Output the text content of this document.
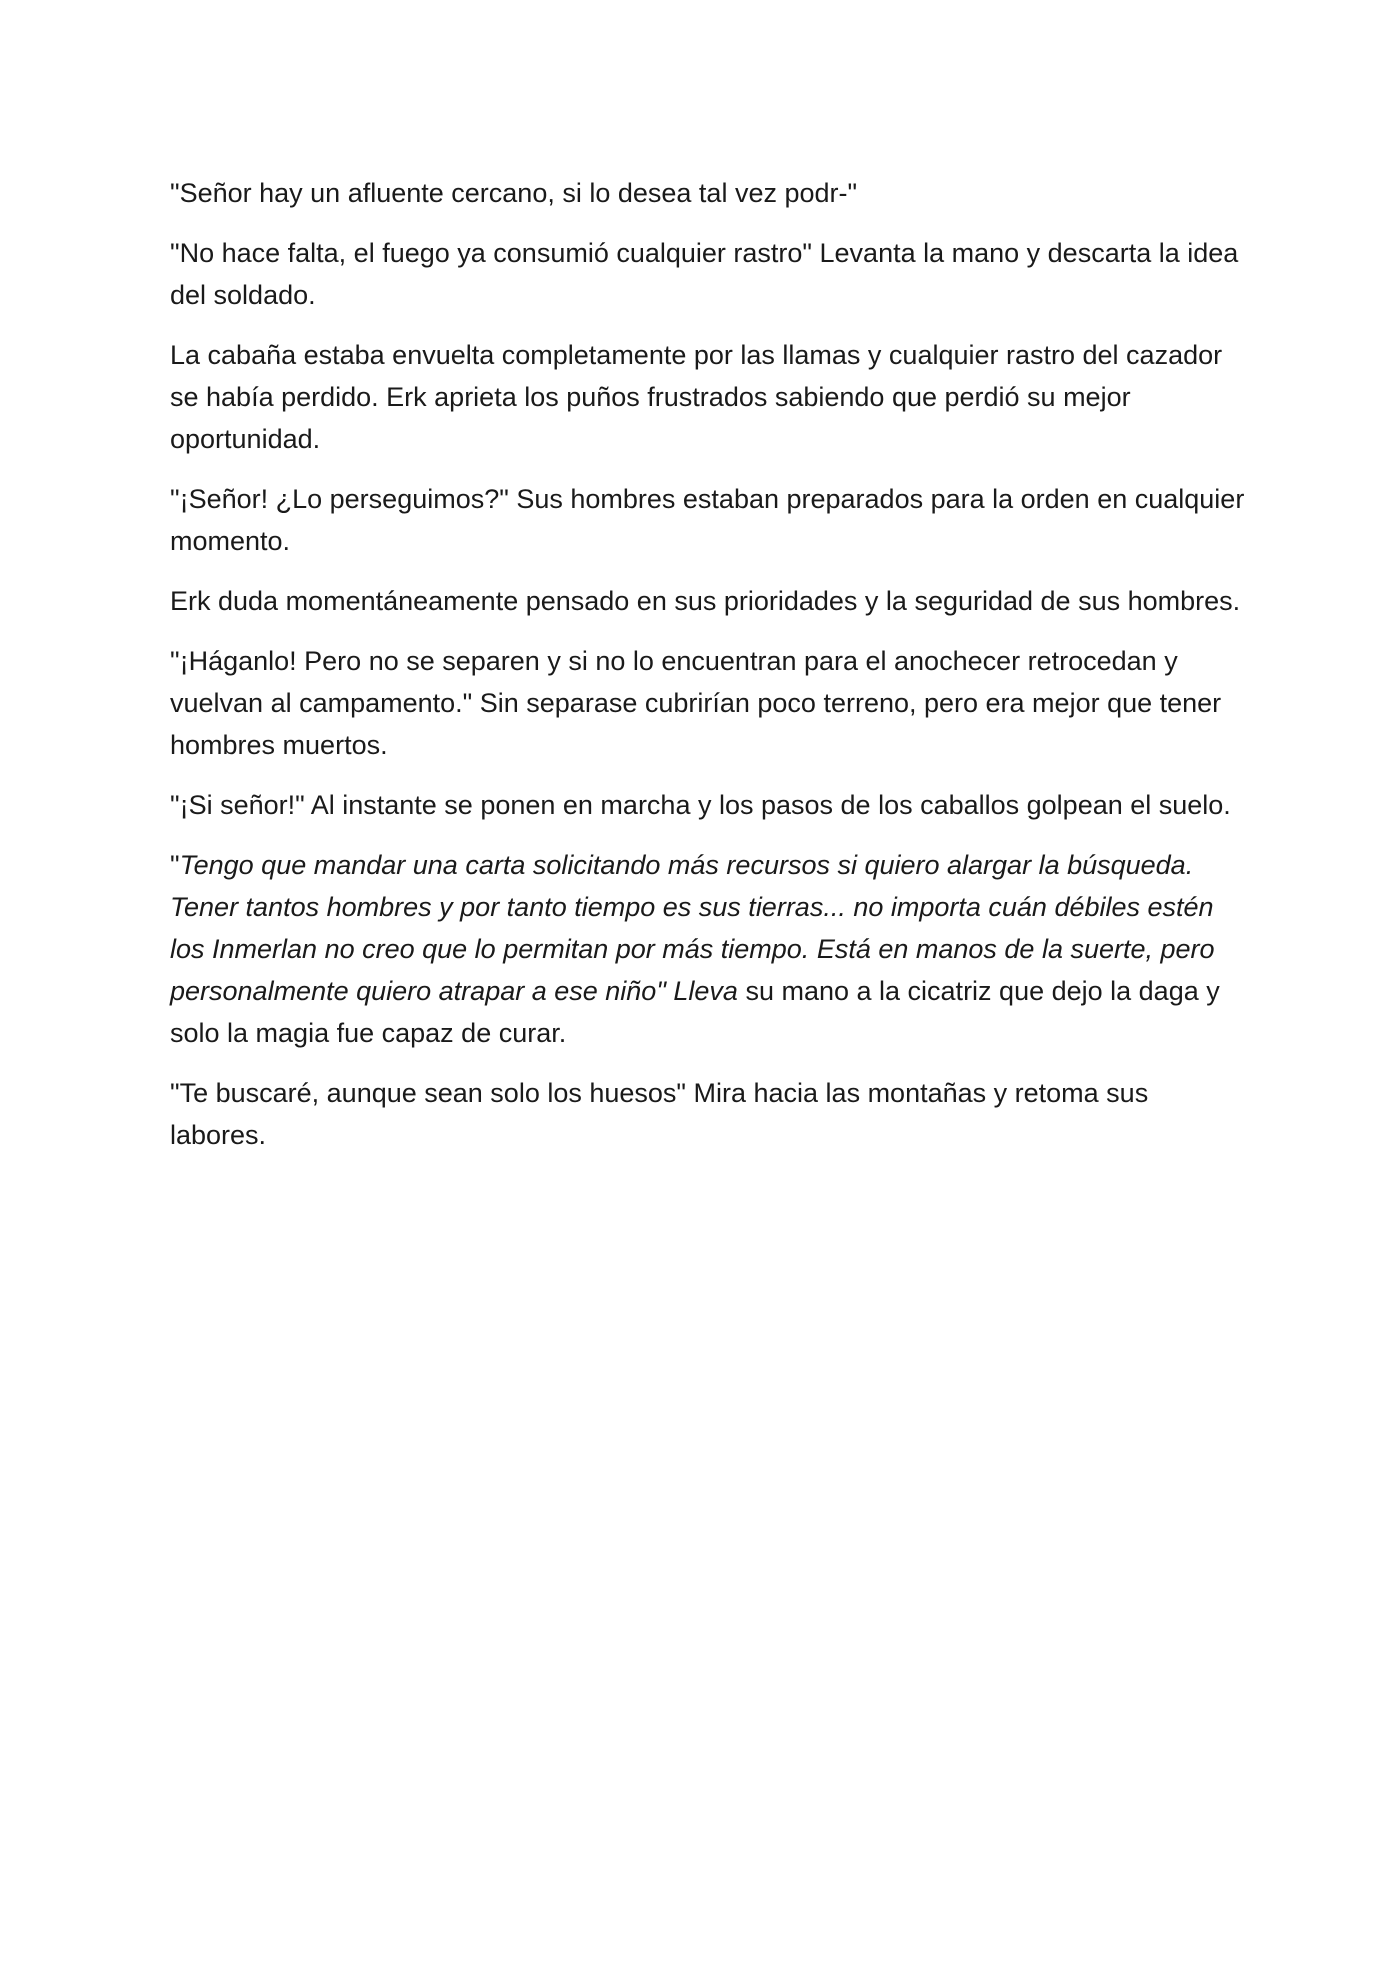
"Señor hay un afluente cercano, si lo desea tal vez podr-"

"No hace falta, el fuego ya consumió cualquier rastro" Levanta la mano y descarta la idea del soldado.

La cabaña estaba envuelta completamente por las llamas y cualquier rastro del cazador se había perdido. Erk aprieta los puños frustrados sabiendo que perdió su mejor oportunidad.

"¡Señor! ¿Lo perseguimos?" Sus hombres estaban preparados para la orden en cualquier momento.

Erk duda momentáneamente pensado en sus prioridades y la seguridad de sus hombres.

"¡Háganlo! Pero no se separen y si no lo encuentran para el anochecer retrocedan y vuelvan al campamento." Sin separase cubrirían poco terreno, pero era mejor que tener hombres muertos.

"¡Si señor!" Al instante se ponen en marcha y los pasos de los caballos golpean el suelo.

"Tengo que mandar una carta solicitando más recursos si quiero alargar la búsqueda. Tener tantos hombres y por tanto tiempo es sus tierras... no importa cuán débiles estén los Inmerlan no creo que lo permitan por más tiempo. Está en manos de la suerte, pero personalmente quiero atrapar a ese niño" Lleva su mano a la cicatriz que dejo la daga y solo la magia fue capaz de curar.

"Te buscaré, aunque sean solo los huesos" Mira hacia las montañas y retoma sus labores.
